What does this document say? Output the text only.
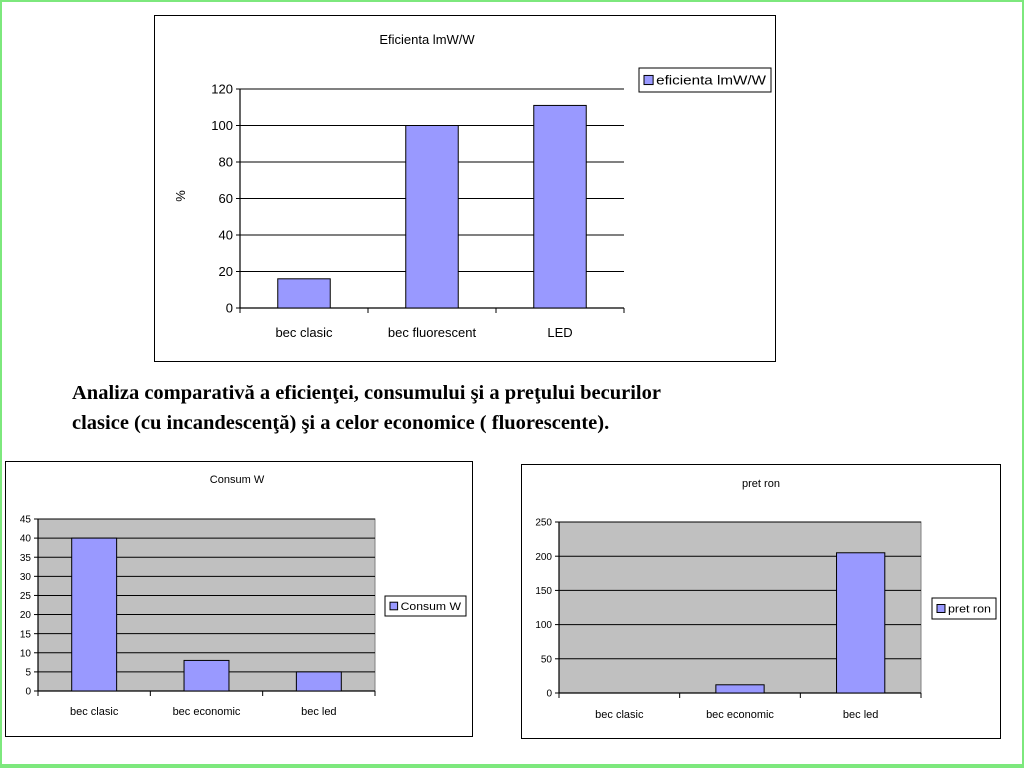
Eficienta lmW/W
0
20
40
60
80
100
120
bec clasic	bec fluorescent	LED
%
eficienta lmW/W
Analiza comparativă a eficienţei, consumului şi a preţului becurilor
clasice (cu incandescenţă) şi a celor economice ( fluorescente).
Consum W
0
5
10
15
20
25
30
35
40
45
bec clasic	bec economic	bec led
Consum W
pret ron
0
50
100
150
200
250
bec clasic	bec economic	bec led
pret ron
